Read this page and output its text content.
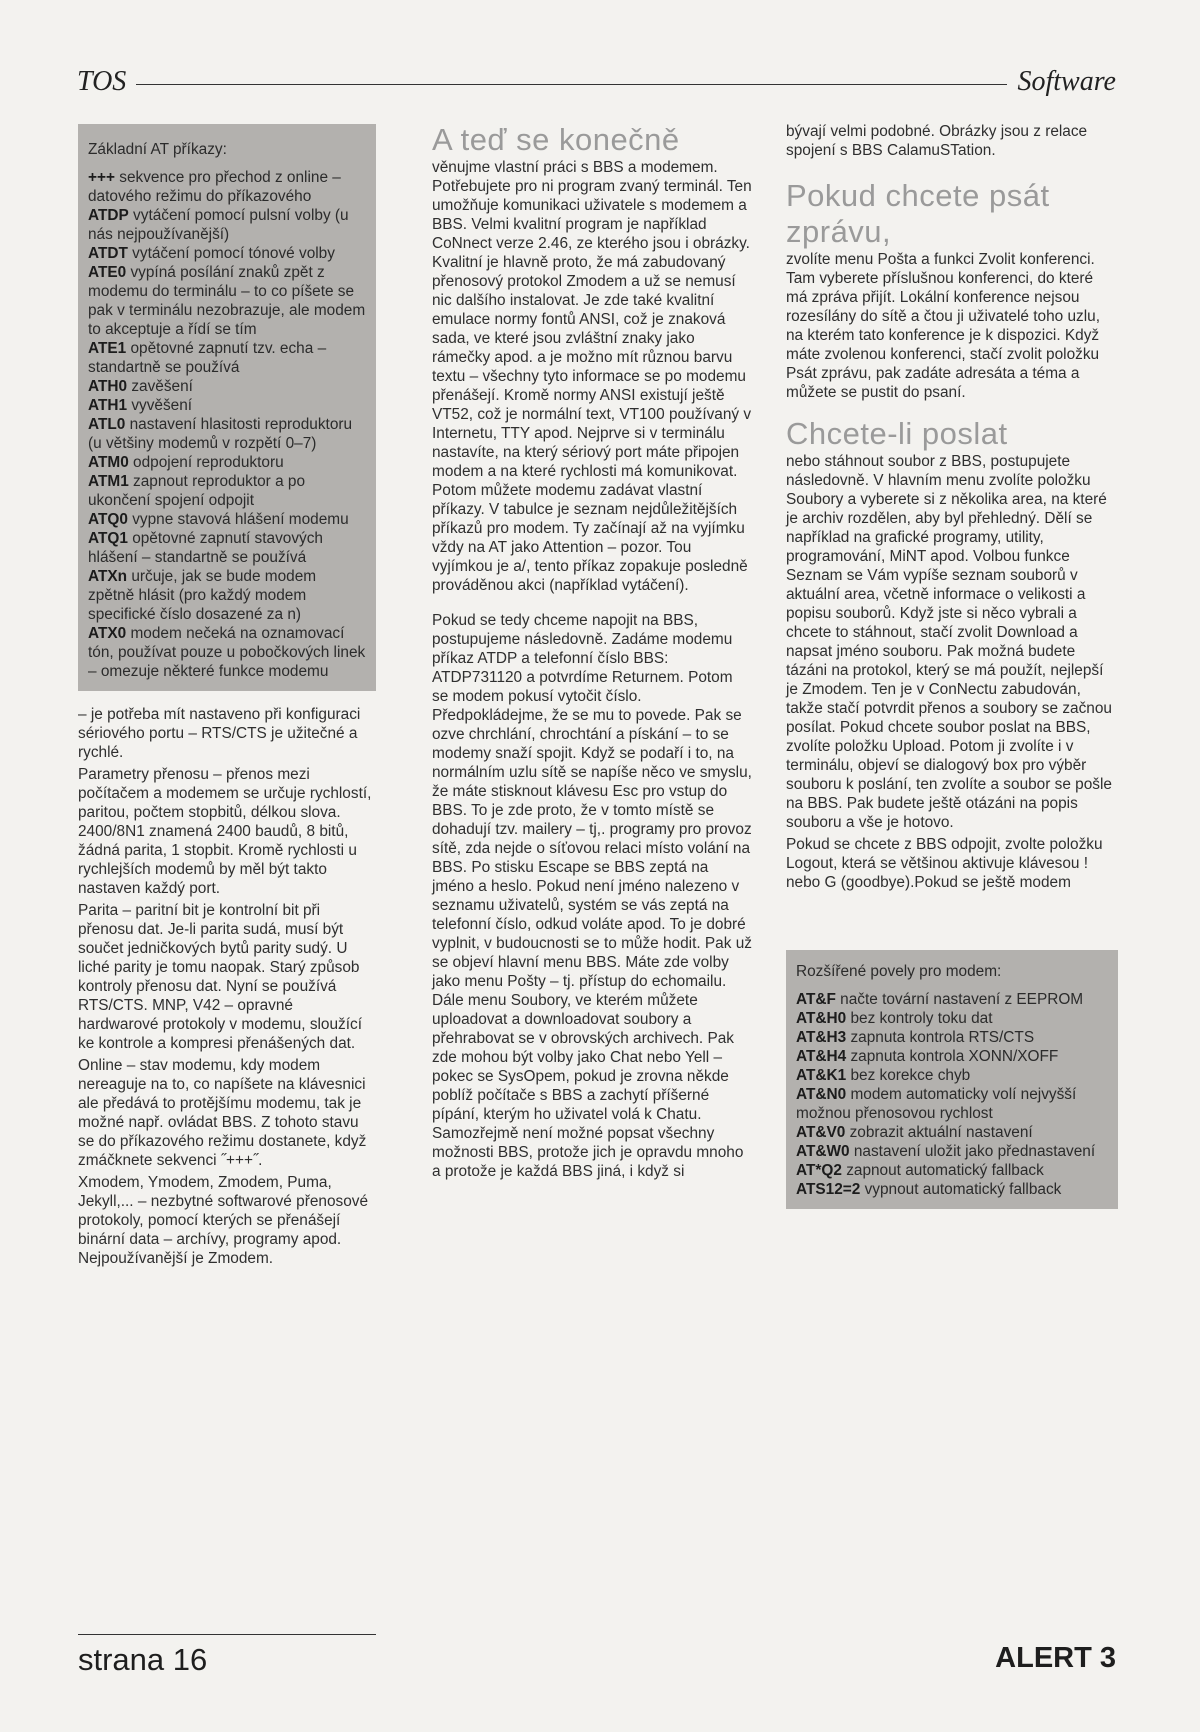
TOS	Software
Základní AT příkazy:

+++ sekvence pro přechod z online – datového režimu do příkazového

ATDP vytáčení pomocí pulsní volby (u nás nejpoužívanější)

ATDT vytáčení pomocí tónové volby

ATE0 vypíná posílání znaků zpět z modemu do terminálu – to co píšete se pak v terminálu nezobrazuje, ale modem to akceptuje a řídí se tím

ATE1 opětovné zapnutí tzv. echa – standartně se používá

ATH0 zavěšení

ATH1 vyvěšení

ATL0 nastavení hlasitosti reproduktoru (u většiny modemů v rozpětí 0–7)

ATM0 odpojení reproduktoru

ATM1 zapnout reproduktor a po ukončení spojení odpojit

ATQ0 vypne stavová hlášení modemu

ATQ1 opětovné zapnutí stavových hlášení – standartně se používá

ATXn určuje, jak se bude modem zpětně hlásit (pro každý modem specifické číslo dosazené za n)

ATX0 modem nečeká na oznamovací tón, používat pouze u pobočkových linek – omezuje některé funkce modemu

– je potřeba mít nastaveno při konfiguraci sériového portu – RTS/CTS je užitečné a rychlé.

Parametry přenosu – přenos mezi počítačem a modemem se určuje rychlostí, paritou, počtem stopbitů, délkou slova. 2400/8N1 znamená 2400 baudů, 8 bitů, žádná parita, 1 stopbit. Kromě rychlosti u rychlejších modemů by měl být takto nastaven každý port.

Parita – paritní bit je kontrolní bit při přenosu dat. Je-li parita sudá, musí být součet jedničkových bytů parity sudý. U liché parity je tomu naopak. Starý způsob kontroly přenosu dat. Nyní se používá RTS/CTS. MNP, V42 – opravné hardwarové protokoly v modemu, sloužící ke kontrole a kompresi přenášených dat.

Online – stav modemu, kdy modem nereaguje na to, co napíšete na klávesnici ale předává to protějšímu modemu, tak je možné např. ovládat BBS. Z tohoto stavu se do příkazového režimu dostanete, když zmáčknete sekvenci ˝+++˝.

Xmodem, Ymodem, Zmodem, Puma, Jekyll,... – nezbytné softwarové přenosové protokoly, pomocí kterých se přenášejí binární data – archívy, programy apod. Nejpoužívanější je Zmodem.

A teď se konečně

věnujme vlastní práci s BBS a modemem. Potřebujete pro ni program zvaný terminál. Ten umožňuje komunikaci uživatele s modemem a BBS. Velmi kvalitní program je například CoNnect verze 2.46, ze kterého jsou i obrázky. Kvalitní je hlavně proto, že má zabudovaný přenosový protokol Zmodem a už se nemusí nic dalšího instalovat. Je zde také kvalitní emulace normy fontů ANSI, což je znaková sada, ve které jsou zvláštní znaky jako rámečky apod. a je možno mít různou barvu textu – všechny tyto informace se po modemu přenášejí. Kromě normy ANSI existují ještě VT52, což je normální text, VT100 používaný v Internetu, TTY apod. Nejprve si v terminálu nastavíte, na který sériový port máte připojen modem a na které rychlosti má komunikovat. Potom můžete modemu zadávat vlastní příkazy. V tabulce je seznam nejdůležitějších příkazů pro modem. Ty začínají až na vyjímku vždy na AT jako Attention – pozor. Tou vyjímkou je a/, tento příkaz zopakuje posledně prováděnou akci (například vytáčení).

Pokud se tedy chceme napojit na BBS, postupujeme následovně. Zadáme modemu příkaz ATDP a telefonní číslo BBS: ATDP731120 a potvrdíme Returnem. Potom se modem pokusí vytočit číslo. Předpokládejme, že se mu to povede. Pak se ozve chrchlání, chrochtání a pískání – to se modemy snaží spojit. Když se podaří i to, na normálním uzlu sítě se napíše něco ve smyslu, že máte stisknout klávesu Esc pro vstup do BBS. To je zde proto, že v tomto místě se dohadují tzv. mailery – tj,. programy pro provoz sítě, zda nejde o síťovou relaci místo volání na BBS. Po stisku Escape se BBS zeptá na jméno a heslo. Pokud není jméno nalezeno v seznamu uživatelů, systém se vás zeptá na telefonní číslo, odkud voláte apod. To je dobré vyplnit, v budoucnosti se to může hodit. Pak už se objeví hlavní menu BBS. Máte zde volby jako menu Pošty – tj. přístup do echomailu. Dále menu Soubory, ve kterém můžete uploadovat a downloadovat soubory a přehrabovat se v obrovských archivech. Pak zde mohou být volby jako Chat nebo Yell – pokec se SysOpem, pokud je zrovna někde poblíž počítače s BBS a zachytí příšerné pípání, kterým ho uživatel volá k Chatu. Samozřejmě není možné popsat všechny možnosti BBS, protože jich je opravdu mnoho a protože je každá BBS jiná, i když si

bývají velmi podobné. Obrázky jsou z relace spojení s BBS CalamuSTation.

Pokud chcete psát zprávu,

zvolíte menu Pošta a funkci Zvolit konferenci. Tam vyberete příslušnou konferenci, do které má zpráva přijít. Lokální konference nejsou rozesílány do sítě a čtou ji uživatelé toho uzlu, na kterém tato konference je k dispozici. Když máte zvolenou konferenci, stačí zvolit položku Psát zprávu, pak zadáte adresáta a téma a můžete se pustit do psaní.

Chcete-li poslat

nebo stáhnout soubor z BBS, postupujete následovně. V hlavním menu zvolíte položku Soubory a vyberete si z několika area, na které je archiv rozdělen, aby byl přehledný. Dělí se například na grafické programy, utility, programování, MiNT apod. Volbou funkce Seznam se Vám vypíše seznam souborů v aktuální area, včetně informace o velikosti a popisu souborů. Když jste si něco vybrali a chcete to stáhnout, stačí zvolit Download a napsat jméno souboru. Pak možná budete tázáni na protokol, který se má použít, nejlepší je Zmodem. Ten je v ConNectu zabudován, takže stačí potvrdit přenos a soubory se začnou posílat. Pokud chcete soubor poslat na BBS, zvolíte položku Upload. Potom ji zvolíte i v terminálu, objeví se dialogový box pro výběr souboru k poslání, ten zvolíte a soubor se pošle na BBS. Pak budete ještě otázáni na popis souboru a vše je hotovo.

Pokud se chcete z BBS odpojit, zvolte položku Logout, která se většinou aktivuje klávesou ! nebo G (goodbye).Pokud se ještě modem

Rozšířené povely pro modem:

AT&F načte tovární nastavení z EEPROM

AT&H0 bez kontroly toku dat

AT&H3 zapnuta kontrola RTS/CTS

AT&H4 zapnuta kontrola XONN/XOFF

AT&K1 bez korekce chyb

AT&N0 modem automaticky volí nejvyšší možnou přenosovou rychlost

AT&V0 zobrazit aktuální nastavení

AT&W0 nastavení uložit jako přednastavení

AT*Q2 zapnout automatický fallback

ATS12=2 vypnout automatický fallback

strana 16	ALERT 3
